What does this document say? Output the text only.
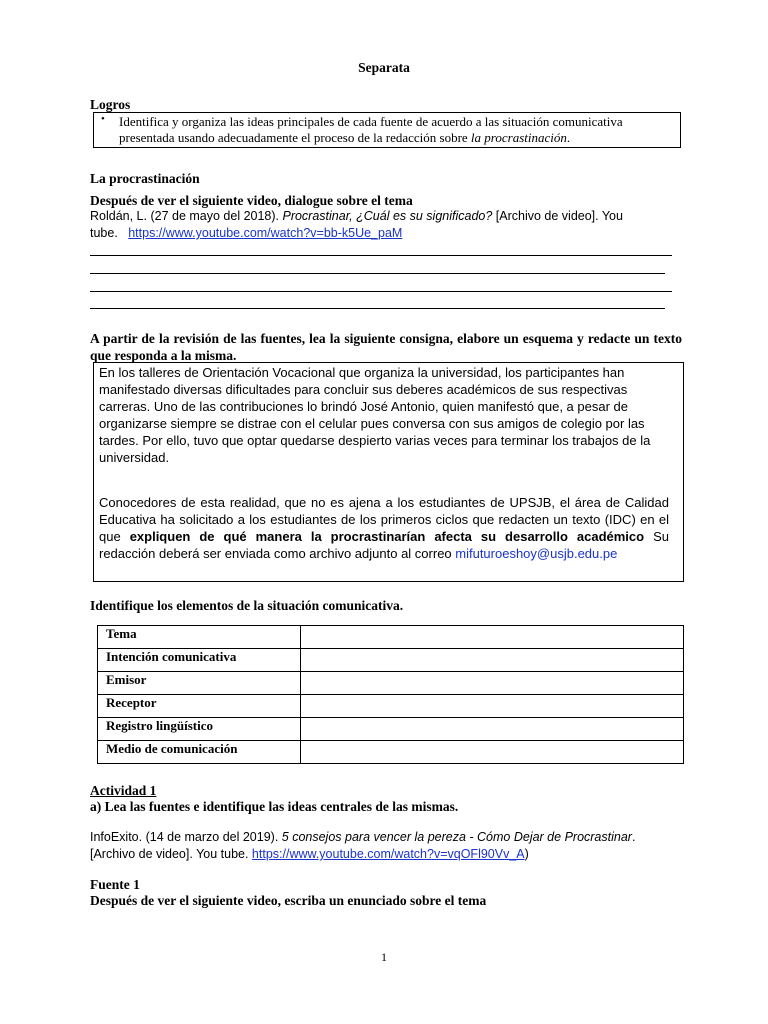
Separata
Logros
• Identifica y organiza las ideas principales de cada fuente de acuerdo a las situación comunicativa
presentada usando adecuadamente el proceso de la redacción sobre la procrastinación.
La procrastinación
Después de ver el siguiente video, dialogue sobre el tema
Roldán, L. (27 de mayo del 2018). Procrastinar, ¿Cuál es su significado? [Archivo de video]. You
tube.   https://www.youtube.com/watch?v=bb-k5Ue_paM
A partir de la revisión de las fuentes, lea la siguiente consigna, elabore un esquema y redacte un texto que responda a la misma.
En los talleres de Orientación Vocacional que organiza la universidad, los participantes han manifestado diversas dificultades para concluir sus deberes académicos de sus respectivas carreras. Uno de las contribuciones lo brindó José Antonio, quien manifestó que, a pesar de organizarse siempre se distrae con el celular pues conversa con sus amigos de colegio por las tardes. Por ello, tuvo que optar quedarse despierto varias veces para terminar los trabajos de la universidad.
Conocedores de esta realidad, que no es ajena a los estudiantes de UPSJB, el área de Calidad Educativa ha solicitado a los estudiantes de los primeros ciclos que redacten un texto (IDC) en el que expliquen de qué manera la procrastinarían afecta su desarrollo académico Su redacción deberá ser enviada como archivo adjunto al correo mifuturoeshoy@usjb.edu.pe
Identifique los elementos de la situación comunicativa.
Tema	
Intención comunicativa	
Emisor	
Receptor	
Registro lingüístico	
Medio de comunicación	
Actividad 1
a) Lea las fuentes e identifique las ideas centrales de las mismas.
InfoExito. (14 de marzo del 2019). 5 consejos para vencer la pereza - Cómo Dejar de Procrastinar.
[Archivo de video]. You tube. https://www.youtube.com/watch?v=vqOFl90Vv_A)
Fuente 1
Después de ver el siguiente video, escriba un enunciado sobre el tema
1
